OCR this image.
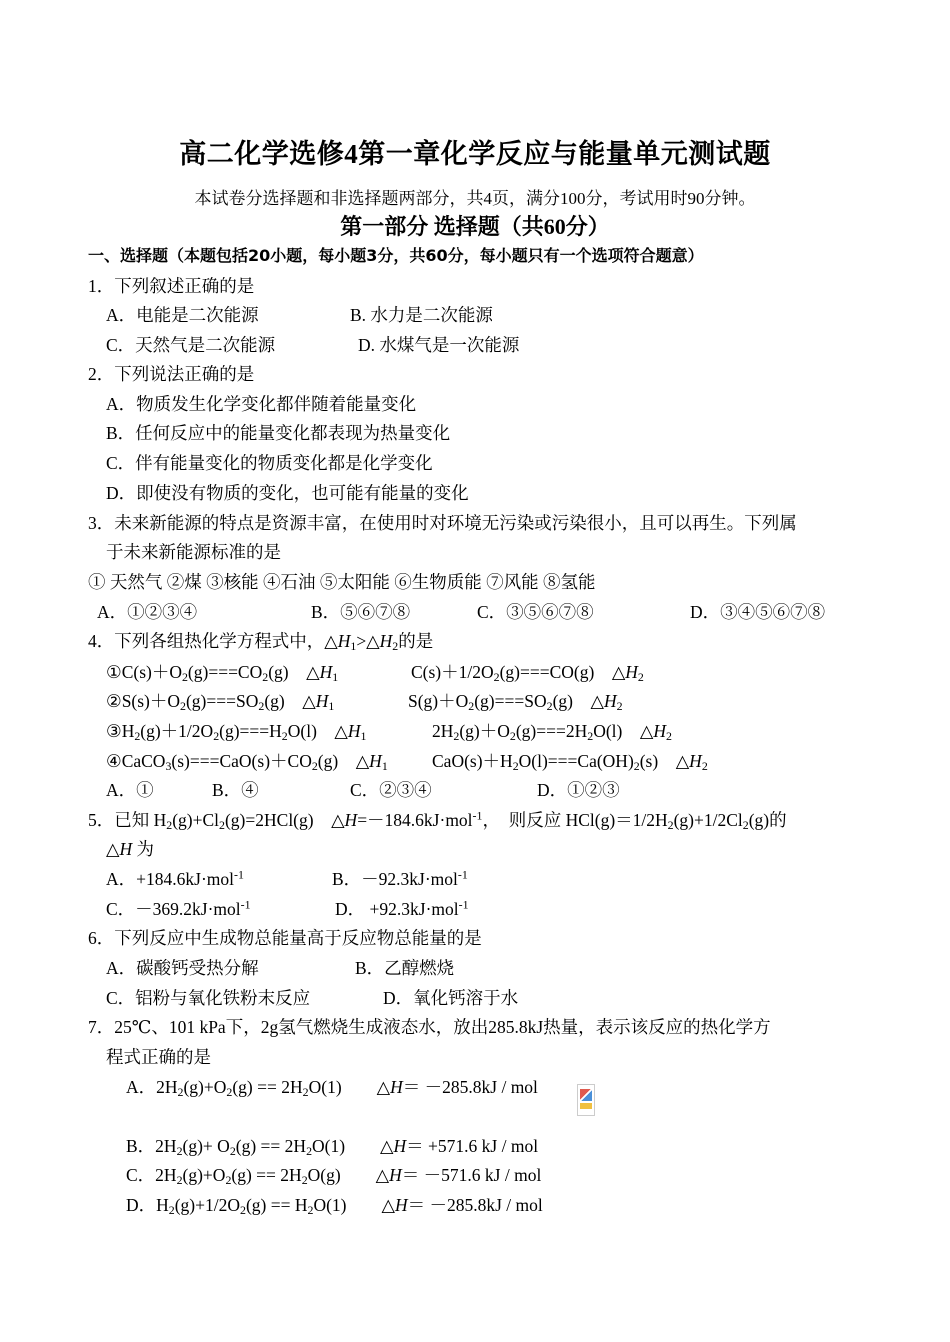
高二化学选修4第一章化学反应与能量单元测试题
本试卷分选择题和非选择题两部分，共4页，满分100分，考试用时90分钟。
第一部分 选择题（共60分）
一、选择题（本题包括20小题，每小题3分，共60分，每小题只有一个选项符合题意）
1．下列叙述正确的是
A．电能是二次能源	B. 水力是二次能源
C．天然气是二次能源	D. 水煤气是一次能源
2．下列说法正确的是
A．物质发生化学变化都伴随着能量变化
B．任何反应中的能量变化都表现为热量变化
C．伴有能量变化的物质变化都是化学变化
D．即使没有物质的变化，也可能有能量的变化
3．未来新能源的特点是资源丰富，在使用时对环境无污染或污染很小，且可以再生。下列属
于未来新能源标准的是
① 天然气 ②煤 ③核能 ④石油 ⑤太阳能 ⑥生物质能 ⑦风能 ⑧氢能
A．①②③④	B．⑤⑥⑦⑧	C．③⑤⑥⑦⑧	D．③④⑤⑥⑦⑧
4．下列各组热化学方程式中，$\triangle H_1>\triangle H_2$的是
$①C(s)+O_2(g)===CO_2(g)$　$\triangle H_1$	$C(s)+1/2O_2(g)===CO(g)$　$\triangle H_2$
$②S(s)+O_2(g)===SO_2(g)$　$\triangle H_1$	$S(g)+O_2(g)===SO_2(g)$　$\triangle H_2$
$③H_2(g)+1/2O_2(g)===H_2O(l)$　$\triangle H_1$	$2H_2(g)+O_2(g)===2H_2O(l)$　$\triangle H_2$
$④CaCO_3(s)===CaO(s)+CO_2(g)$　$\triangle H_1$	$CaO(s)+H_2O(l)===Ca(OH)_2(s)$　$\triangle H_2$
A．①	B．④	C．②③④	D．①②③
5．已知 $H_2(g)+Cl_2(g)=2HCl(g)$　△H=－184.6kJ·mol$^{-1}$，　则反应 $HCl(g)=1/2H_2(g)+1/2Cl_2(g)$的
△H 为
A．+184.6kJ·mol$^{-1}$	B．－92.3kJ·mol$^{-1}$
C．－369.2kJ·mol$^{-1}$	D． +92.3kJ·mol$^{-1}$
6．下列反应中生成物总能量高于反应物总能量的是
A．碳酸钙受热分解	B．乙醇燃烧
C．铝粉与氧化铁粉末反应	D．氧化钙溶于水
7．25℃、101 kPa下，2g氢气燃烧生成液态水，放出285.8kJ热量，表示该反应的热化学方
程式正确的是
A．$2H_2(g)+O_2(g) == 2H_2O(1)$　　△H＝ －285.8kJ / mol
B．$2H_2(g)+ O_2(g) == 2H_2O(1)$　　△H＝ +571.6 kJ / mol
C．$2H_2(g)+O_2(g) == 2H_2O(g)$　　△H＝ －571.6 kJ / mol
D．$H_2(g)+1/2O_2(g) == H_2O(1)$　　△H＝ －285.8kJ / mol
